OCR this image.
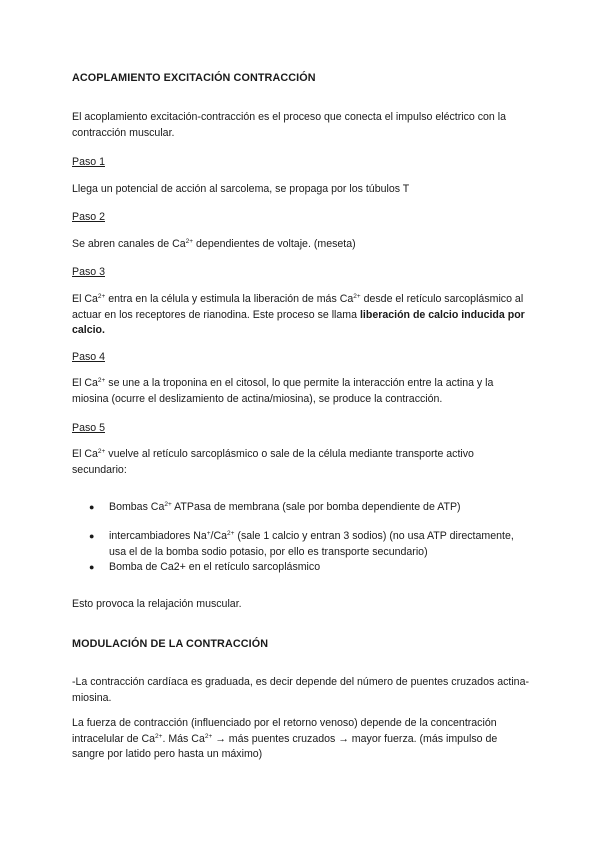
ACOPLAMIENTO EXCITACIÓN CONTRACCIÓN

El acoplamiento excitación-contracción es el proceso que conecta el impulso eléctrico con la contracción muscular.

Paso 1

Llega un potencial de acción al sarcolema, se propaga por los túbulos T

Paso 2

Se abren canales de $Ca^{2+}$ dependientes de voltaje. (meseta)

Paso 3

El $Ca^{2+}$ entra en la célula y estimula la liberación de más $Ca^{2+}$ desde el retículo sarcoplásmico al actuar en los receptores de rianodina. Este proceso se llama liberación de calcio inducida por calcio.

Paso 4

El $Ca^{2+}$ se une a la troponina en el citosol, lo que permite la interacción entre la actina y la miosina (ocurre el deslizamiento de actina/miosina), se produce la contracción.

Paso 5

El $Ca^{2+}$ vuelve al retículo sarcoplásmico o sale de la célula mediante transporte activo secundario:

● Bombas $Ca^{2+}$ ATPasa de membrana (sale por bomba dependiente de ATP)
● intercambiadores $Na^+/Ca^{2+}$ (sale 1 calcio y entran 3 sodios) (no usa ATP directamente, usa el de la bomba sodio potasio, por ello es transporte secundario)
● Bomba de Ca2+ en el retículo sarcoplásmico

Esto provoca la relajación muscular.

MODULACIÓN DE LA CONTRACCIÓN

-La contracción cardíaca es graduada, es decir depende del número de puentes cruzados actina-miosina.

La fuerza de contracción (influenciado por el retorno venoso) depende de la concentración intracelular de $Ca^{2+}$. Más $Ca^{2+}$ → más puentes cruzados → mayor fuerza. (más impulso de sangre por latido pero hasta un máximo)
